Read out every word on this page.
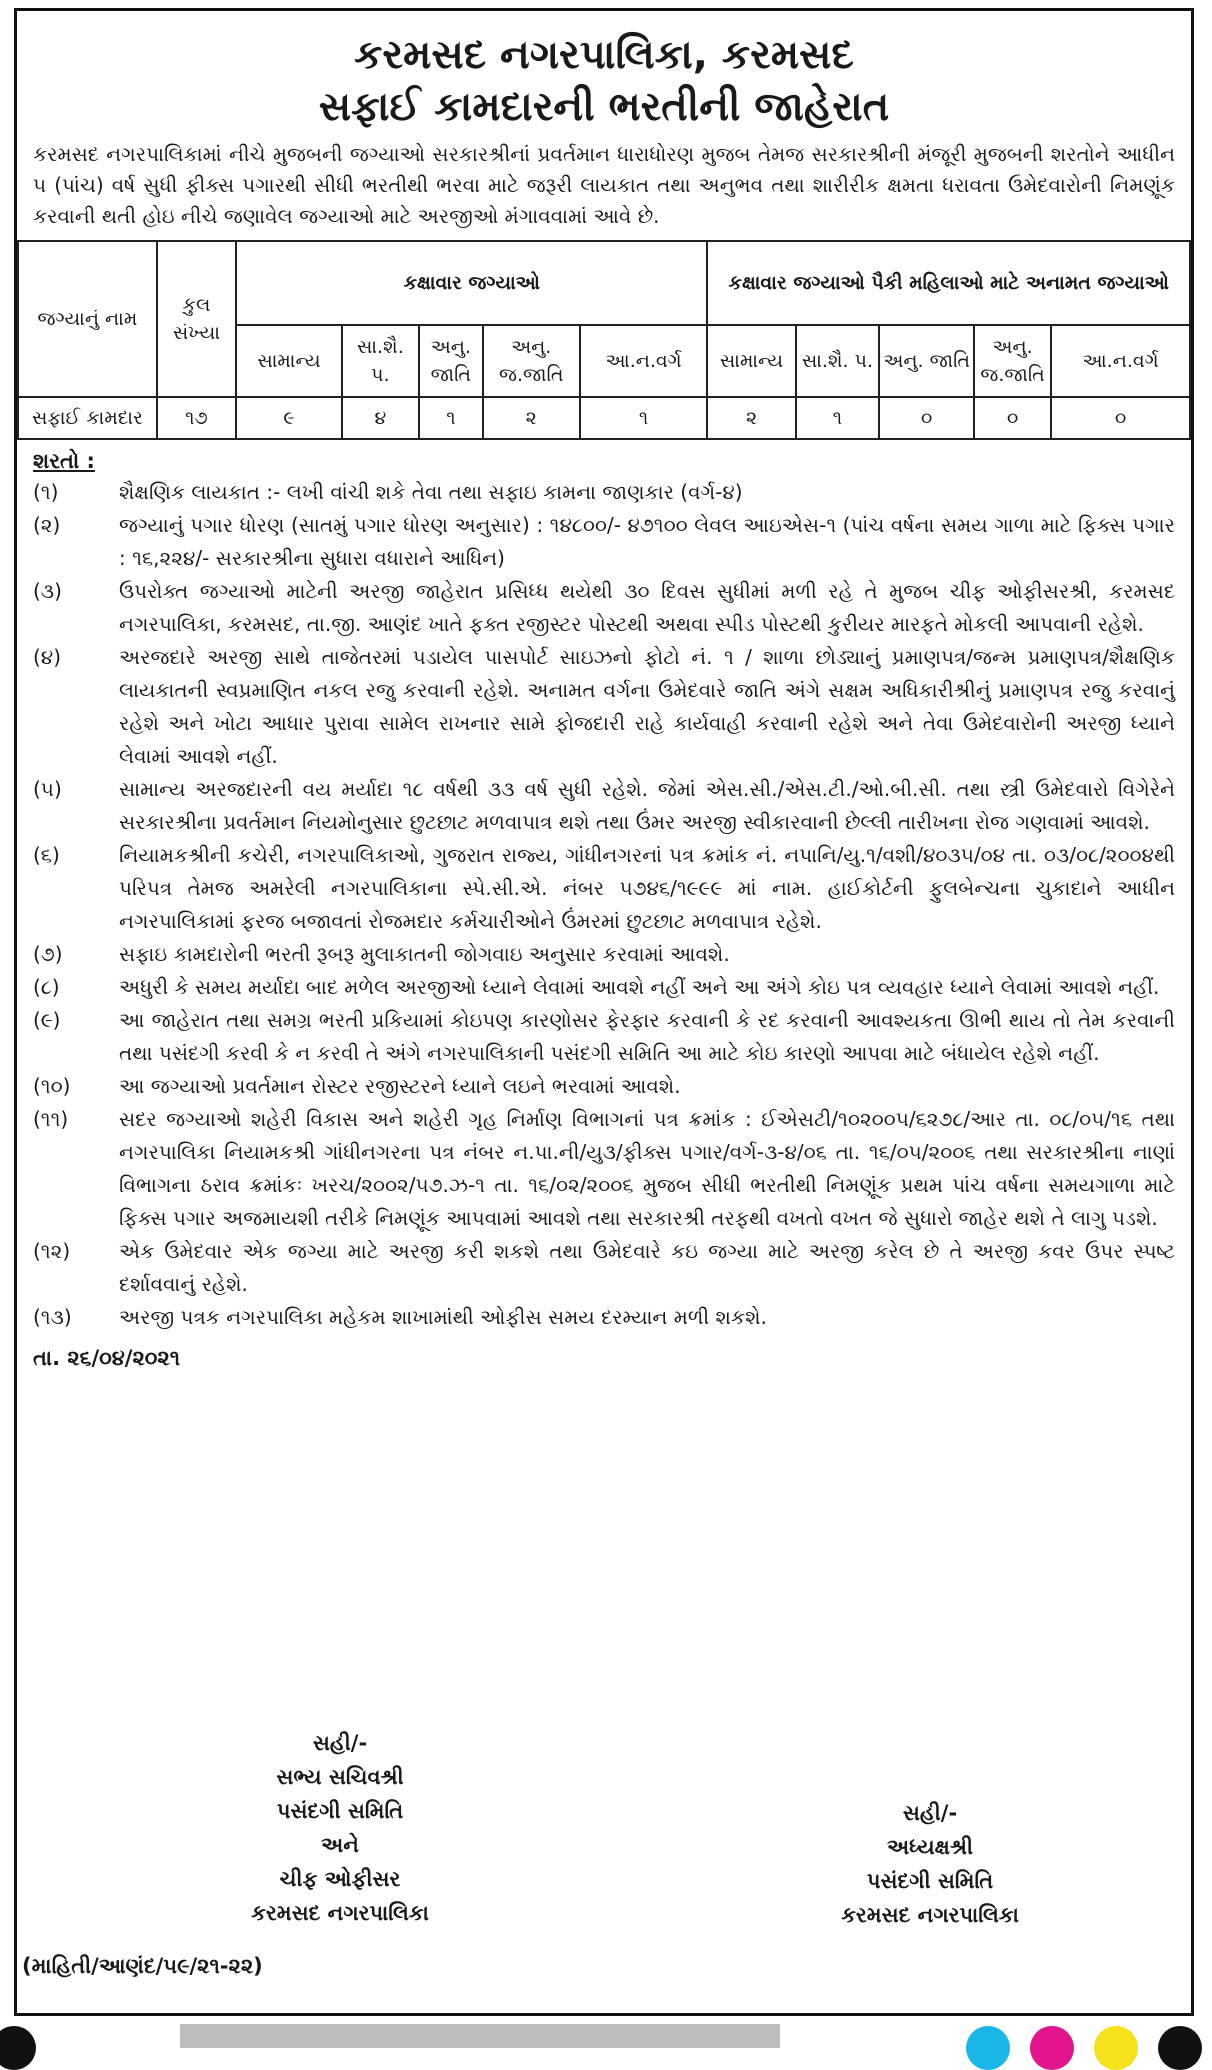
કરમસદ નગરપાલિકા, કરમસદ
સફાઈ કામદારની ભરતીની જાહેરાત
કરમસદ નગરપાલિકામાં નીચે મુજબની જગ્યાઓ સરકારશ્રીનાં પ્રવર્તમાન ધારાધોરણ મુજબ તેમજ સરકારશ્રીની મંજૂરી મુજબની શરતોને આધીન ૫ (પાંચ) વર્ષ સુધી ફીક્સ પગારથી સીધી ભરતીથી ભરવા માટે જરૂરી લાયકાત તથા અનુભવ તથા શારીરીક ક્ષમતા ધરાવતા ઉમેદવારોની નિમણૂંક કરવાની થતી હોઇ નીચે જણાવેલ જગ્યાઓ માટે અરજીઓ મંગાવવામાં આવે છે.
જગ્યાનું નામ	કુલ સંખ્યા	કક્ષાવાર જગ્યાઓ					કક્ષાવાર જગ્યાઓ પૈકી મહિલાઓ માટે અનામત જગ્યાઓ				
		સામાન્ય	સા.શૈ. પ.	અનુ. જાતિ	અનુ. જ.જાતિ	આ.ન.વર્ગ	સામાન્ય	સા.શૈ. પ.	અનુ. જાતિ	અનુ. જ.જાતિ	આ.ન.વર્ગ
સફાઈ કામદાર	૧૭	૯	૪	૧	૨	૧	૨	૧	૦	૦	૦
શરતો :
(૧)	શૈક્ષણિક લાયકાત :- લખી વાંચી શકે તેવા તથા સફાઇ કામના જાણકાર (વર્ગ-૪)
(૨)	જગ્યાનું પગાર ધોરણ (સાતમું પગાર ધોરણ અનુસાર) : ૧૪૮૦૦/- ૪૭૧૦૦ લેવલ આઇએસ-૧ (પાંચ વર્ષના સમય ગાળા માટે ફિક્સ પગાર : ૧૬,૨૨૪/- સરકારશ્રીના સુધારા વધારાને આધિન)
(૩)	ઉપરોક્ત જગ્યાઓ માટેની અરજી જાહેરાત પ્રસિધ્ધ થયેથી ૩૦ દિવસ સુધીમાં મળી રહે તે મુજબ ચીફ ઓફીસરશ્રી, કરમસદ નગરપાલિકા, કરમસદ, તા.જી. આણંદ ખાતે ફક્ત રજીસ્ટર પોસ્ટથી અથવા સ્પીડ પોસ્ટથી કુરીયર મારફતે મોકલી આપવાની રહેશે.
(૪)	અરજદારે અરજી સાથે તાજેતરમાં પડાયેલ પાસપોર્ટ સાઇઝનો ફોટો નં. ૧ / શાળા છોડ્યાનું પ્રમાણપત્ર/જન્મ પ્રમાણપત્ર/શૈક્ષણિક લાયકાતની સ્વપ્રમાણિત નકલ રજુ કરવાની રહેશે. અનામત વર્ગના ઉમેદવારે જાતિ અંગે સક્ષમ અધિકારીશ્રીનું પ્રમાણપત્ર રજુ કરવાનું રહેશે અને ખોટા આધાર પુરાવા સામેલ રાખનાર સામે ફોજદારી રાહે કાર્યવાહી કરવાની રહેશે અને તેવા ઉમેદવારોની અરજી ધ્યાને લેવામાં આવશે નહીં.
(૫)	સામાન્ય અરજદારની વય મર્યાદા ૧૮ વર્ષથી ૩૩ વર્ષ સુધી રહેશે. જેમાં એસ.સી./એસ.ટી./ઓ.બી.સી. તથા સ્ત્રી ઉમેદવારો વિગેરેને સરકારશ્રીના પ્રવર્તમાન નિયમોનુસાર છુટછાટ મળવાપાત્ર થશે તથા ઉંમર અરજી સ્વીકારવાની છેલ્લી તારીખના રોજ ગણવામાં આવશે.
(૬)	નિયામકશ્રીની કચેરી, નગરપાલિકાઓ, ગુજરાત રાજ્ય, ગાંધીનગરનાં પત્ર ક્રમાંક નં. નપાનિ/યુ.૧/વશી/૪૦૩૫/૦૪ તા. ૦૩/૦૮/૨૦૦૪થી પરિપત્ર તેમજ અમરેલી નગરપાલિકાના સ્પે.સી.એ. નંબર ૫૭૪૬/૧૯૯૯ માં નામ. હાઈકોર્ટની ફુલબેન્ચના ચુકાદાને આધીન નગરપાલિકામાં ફરજ બજાવતાં રોજમદાર કર્મચારીઓને ઉંમરમાં છુટછાટ મળવાપાત્ર રહેશે.
(૭)	સફાઇ કામદારોની ભરતી રૂબરૂ મુલાકાતની જોગવાઇ અનુસાર કરવામાં આવશે.
(૮)	અધુરી કે સમય મર્યાદા બાદ મળેલ અરજીઓ ધ્યાને લેવામાં આવશે નહીં અને આ અંગે કોઇ પત્ર વ્યવહાર ધ્યાને લેવામાં આવશે નહીં.
(૯)	આ જાહેરાત તથા સમગ્ર ભરતી પ્રકિયામાં કોઇપણ કારણોસર ફેરફાર કરવાની કે રદ કરવાની આવશ્યકતા ઊભી થાય તો તેમ કરવાની તથા પસંદગી કરવી કે ન કરવી તે અંગે નગરપાલિકાની પસંદગી સમિતિ આ માટે કોઇ કારણો આપવા માટે બંધાયેલ રહેશે નહીં.
(૧૦)	આ જગ્યાઓ પ્રવર્તમાન રોસ્ટર રજીસ્ટરને ધ્યાને લઇને ભરવામાં આવશે.
(૧૧)	સદર જગ્યાઓ શહેરી વિકાસ અને શહેરી ગૃહ નિર્માણ વિભાગનાં પત્ર ક્રમાંક : ઈએસટી/૧૦૨૦૦૫/૬૨૭૮/આર તા. ૦૮/૦૫/૧૬ તથા નગરપાલિકા નિયામકશ્રી ગાંધીનગરના પત્ર નંબર ન.પા.ની/યુ૩/ફીક્સ પગાર/વર્ગ-૩-૪/૦૬ તા. ૧૬/૦૫/૨૦૦૬ તથા સરકારશ્રીના નાણાં વિભાગના ઠરાવ ક્રમાંકઃ ખરચ/૨૦૦૨/૫૭.ઝ-૧ તા. ૧૬/૦૨/૨૦૦૬ મુજબ સીધી ભરતીથી નિમણૂંક પ્રથમ પાંચ વર્ષના સમયગાળા માટે ફિક્સ પગાર અજમાયશી તરીકે નિમણૂંક આપવામાં આવશે તથા સરકારશ્રી તરફથી વખતો વખત જે સુધારો જાહેર થશે તે લાગુ પડશે.
(૧૨)	એક ઉમેદવાર એક જગ્યા માટે અરજી કરી શકશે તથા ઉમેદવારે કઇ જગ્યા માટે અરજી કરેલ છે તે અરજી કવર ઉપર સ્પષ્ટ દર્શાવવાનું રહેશે.
(૧૩)	અરજી પત્રક નગરપાલિકા મહેકમ શાખામાંથી ઓફીસ સમય દરમ્યાન મળી શકશે.
તા. ૨૬/૦૪/૨૦૨૧
સહી/-
સભ્ય સચિવશ્રી
પસંદગી સમિતિ
અને
ચીફ ઓફીસર
કરમસદ નગરપાલિકા
સહી/-
અધ્યક્ષશ્રી
પસંદગી સમિતિ
કરમસદ નગરપાલિકા
(માહિતી/આણંદ/૫૯/૨૧-૨૨)
